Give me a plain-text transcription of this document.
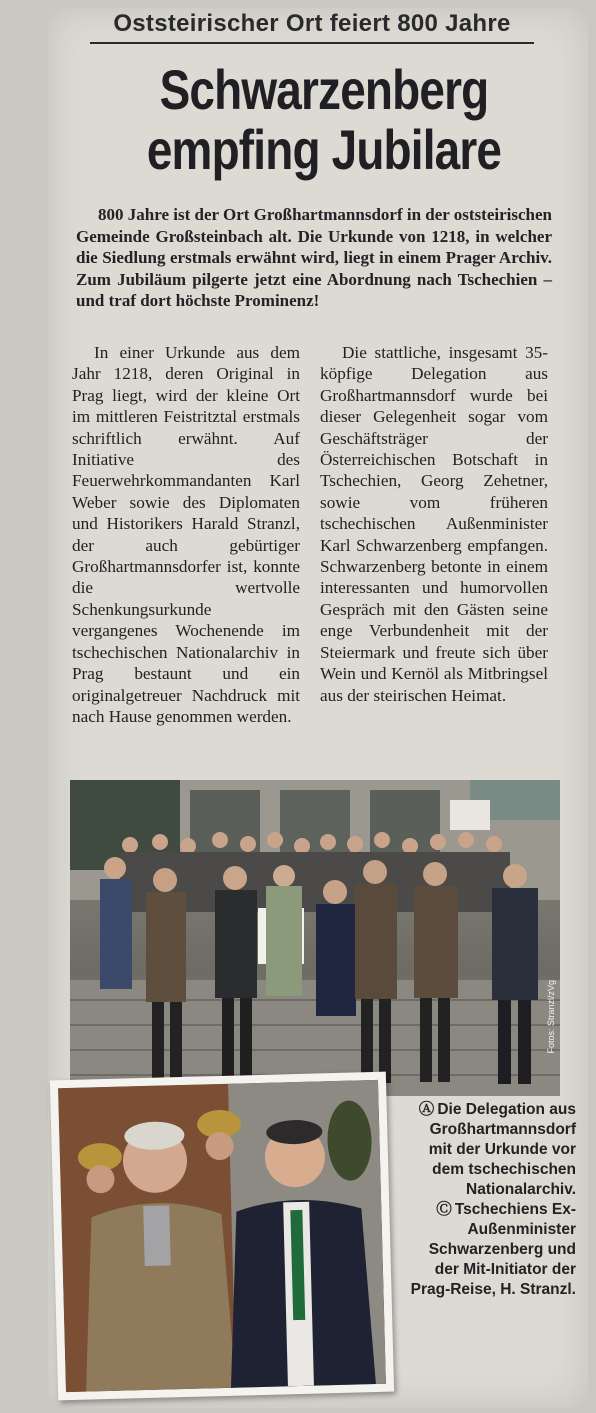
Oststeirischer Ort feiert 800 Jahre
Schwarzenberg
empfing Jubilare
800 Jahre ist der Ort Großhartmannsdorf in der oststeirischen Gemeinde Großsteinbach alt. Die Urkunde von 1218, in welcher die Siedlung erstmals erwähnt wird, liegt in einem Prager Archiv. Zum Jubiläum pilgerte jetzt eine Abordnung nach Tschechien – und traf dort höchste Prominenz!
In einer Urkunde aus dem Jahr 1218, deren Original in Prag liegt, wird der kleine Ort im mittleren Feistritztal erstmals schriftlich erwähnt. Auf Initiative des Feuerwehrkommandanten Karl Weber sowie des Diplomaten und Historikers Harald Stranzl, der auch gebürtiger Großhartmannsdorfer ist, konnte die wertvolle Schenkungsurkunde vergangenes Wochenende im tschechischen Nationalarchiv in Prag bestaunt und ein originalgetreuer Nachdruck mit nach Hause genommen werden.
Die stattliche, insgesamt 35-köpfige Delegation aus Großhartmannsdorf wurde bei dieser Gelegenheit sogar vom Geschäftsträger der Österreichischen Botschaft in Tschechien, Georg Zehetner, sowie vom früheren tschechischen Außenminister Karl Schwarzenberg empfangen. Schwarzenberg betonte in einem interessanten und humorvollen Gespräch mit den Gästen seine enge Verbundenheit mit der Steiermark und freute sich über Wein und Kernöl als Mitbringsel aus der steirischen Heimat.
Fotos: Stranzl/zVg
Ⓐ Die Delegation aus Großhartmannsdorf mit der Urkunde vor dem tschechischen Nationalarchiv.
Ⓒ Tschechiens Ex-Außenminister Schwarzenberg und der Mit-Initiator der Prag-Reise, H. Stranzl.
